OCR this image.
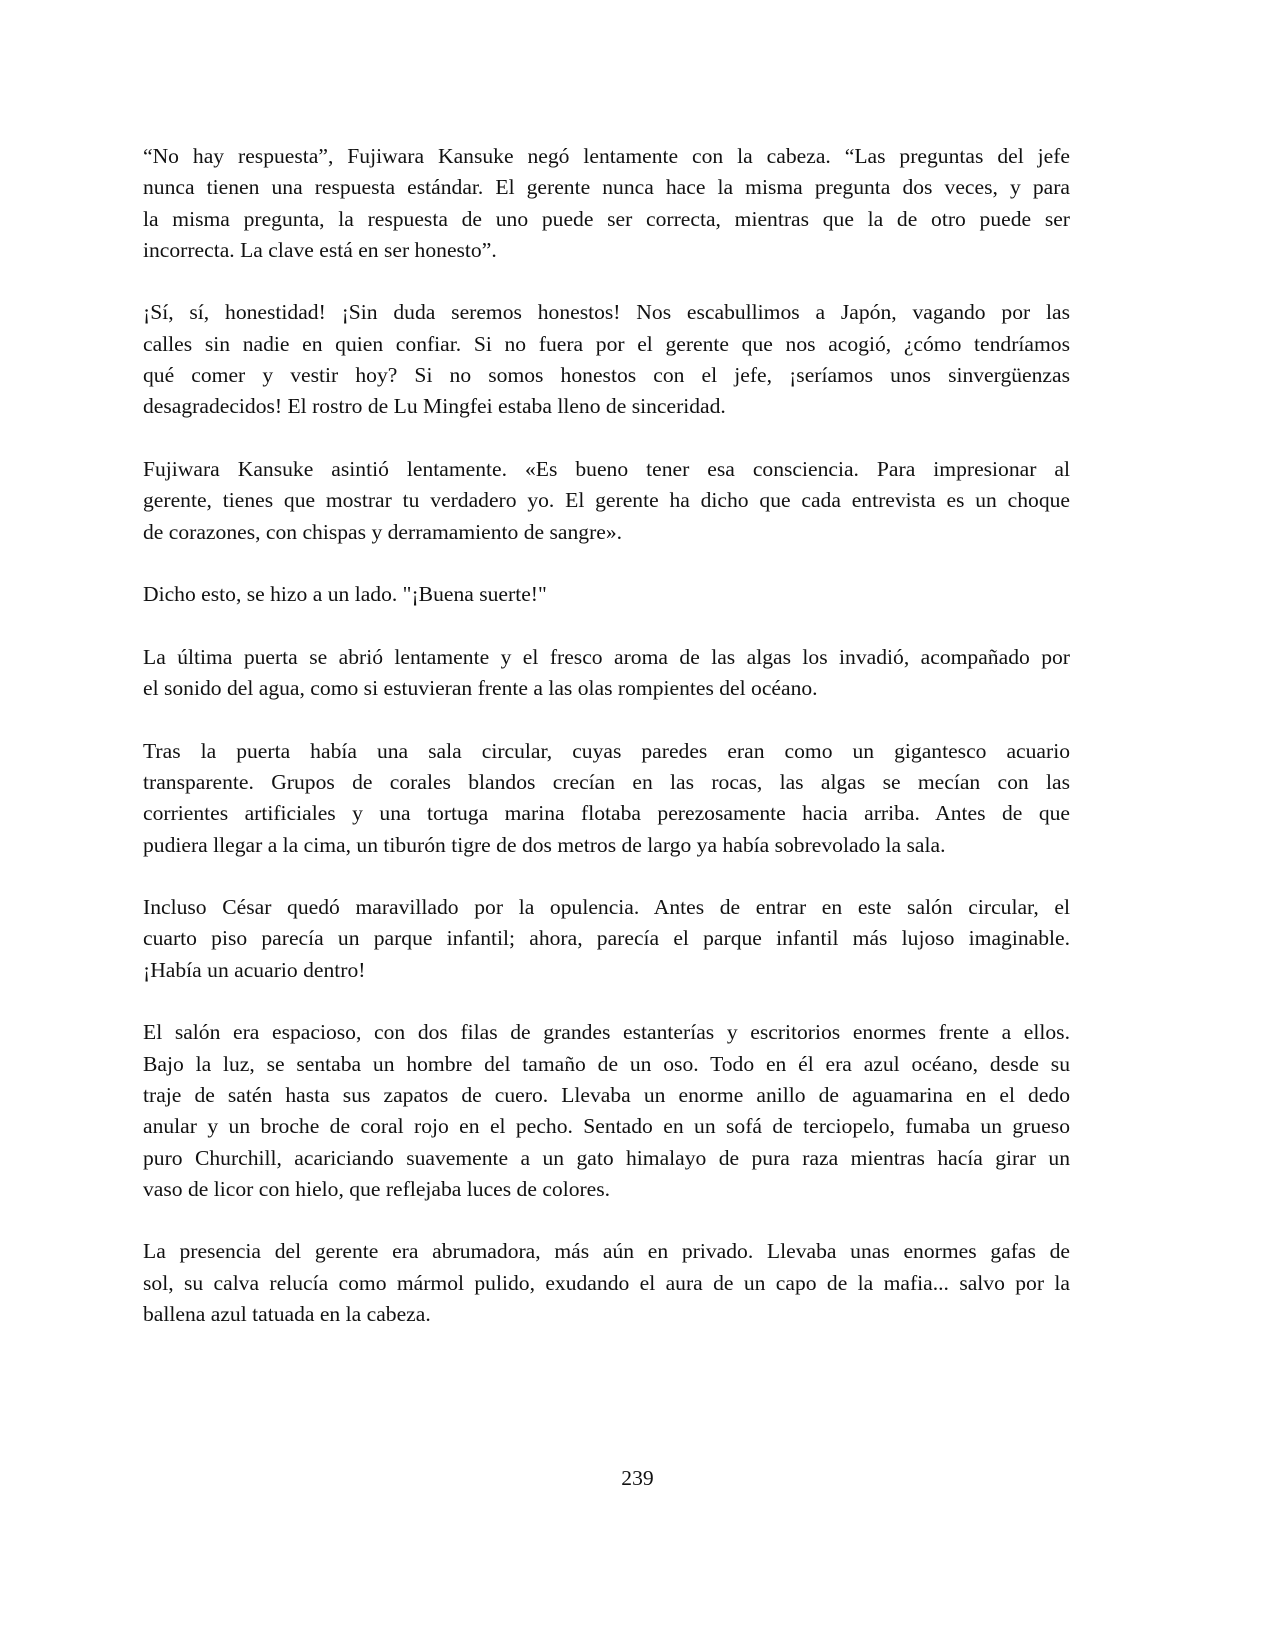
“No hay respuesta”, Fujiwara Kansuke negó lentamente con la cabeza. “Las preguntas del jefe
nunca tienen una respuesta estándar. El gerente nunca hace la misma pregunta dos veces, y para
la misma pregunta, la respuesta de uno puede ser correcta, mientras que la de otro puede ser
incorrecta. La clave está en ser honesto”.
¡Sí, sí, honestidad! ¡Sin duda seremos honestos! Nos escabullimos a Japón, vagando por las
calles sin nadie en quien confiar. Si no fuera por el gerente que nos acogió, ¿cómo tendríamos
qué comer y vestir hoy? Si no somos honestos con el jefe, ¡seríamos unos sinvergüenzas
desagradecidos! El rostro de Lu Mingfei estaba lleno de sinceridad.
Fujiwara Kansuke asintió lentamente. «Es bueno tener esa consciencia. Para impresionar al
gerente, tienes que mostrar tu verdadero yo. El gerente ha dicho que cada entrevista es un choque
de corazones, con chispas y derramamiento de sangre».
Dicho esto, se hizo a un lado. "¡Buena suerte!"
La última puerta se abrió lentamente y el fresco aroma de las algas los invadió, acompañado por
el sonido del agua, como si estuvieran frente a las olas rompientes del océano.
Tras la puerta había una sala circular, cuyas paredes eran como un gigantesco acuario
transparente. Grupos de corales blandos crecían en las rocas, las algas se mecían con las
corrientes artificiales y una tortuga marina flotaba perezosamente hacia arriba. Antes de que
pudiera llegar a la cima, un tiburón tigre de dos metros de largo ya había sobrevolado la sala.
Incluso César quedó maravillado por la opulencia. Antes de entrar en este salón circular, el
cuarto piso parecía un parque infantil; ahora, parecía el parque infantil más lujoso imaginable.
¡Había un acuario dentro!
El salón era espacioso, con dos filas de grandes estanterías y escritorios enormes frente a ellos.
Bajo la luz, se sentaba un hombre del tamaño de un oso. Todo en él era azul océano, desde su
traje de satén hasta sus zapatos de cuero. Llevaba un enorme anillo de aguamarina en el dedo
anular y un broche de coral rojo en el pecho. Sentado en un sofá de terciopelo, fumaba un grueso
puro Churchill, acariciando suavemente a un gato himalayo de pura raza mientras hacía girar un
vaso de licor con hielo, que reflejaba luces de colores.
La presencia del gerente era abrumadora, más aún en privado. Llevaba unas enormes gafas de
sol, su calva relucía como mármol pulido, exudando el aura de un capo de la mafia... salvo por la
ballena azul tatuada en la cabeza.
239
